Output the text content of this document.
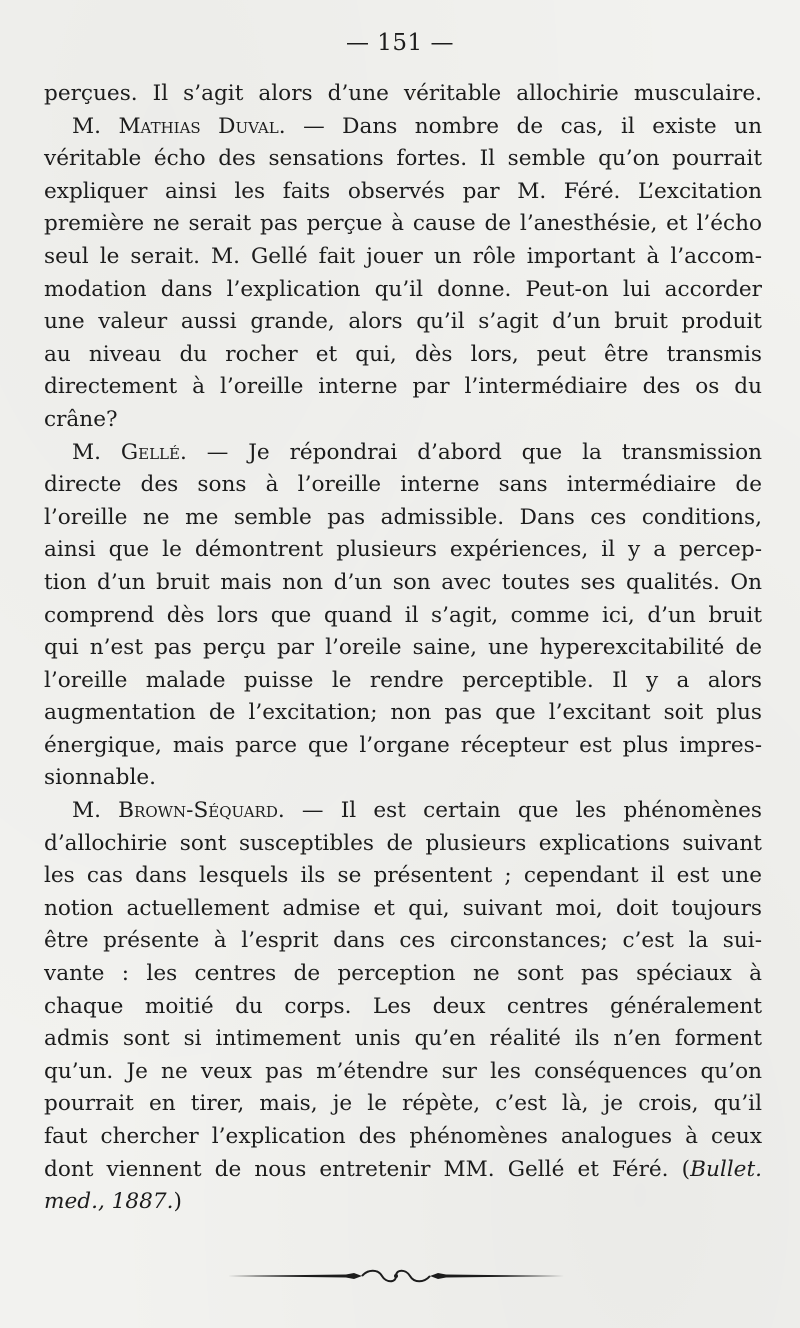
— 151 —

perçues. Il s’agit alors d’une véritable allochirie musculaire.

M. Mathias Duval. — Dans nombre de cas, il existe un
véritable écho des sensations fortes. Il semble qu’on pourrait
expliquer ainsi les faits observés par M. Féré. L’excitation
première ne serait pas perçue à cause de l’anesthésie, et l’écho
seul le serait. M. Gellé fait jouer un rôle important à l’accom-
modation dans l’explication qu’il donne. Peut-on lui accorder
une valeur aussi grande, alors qu’il s’agit d’un bruit produit
au niveau du rocher et qui, dès lors, peut être transmis
directement à l’oreille interne par l’intermédiaire des os du
crâne?

M. Gellé. — Je répondrai d’abord que la transmission
directe des sons à l’oreille interne sans intermédiaire de
l’oreille ne me semble pas admissible. Dans ces conditions,
ainsi que le démontrent plusieurs expériences, il y a percep-
tion d’un bruit mais non d’un son avec toutes ses qualités. On
comprend dès lors que quand il s’agit, comme ici, d’un bruit
qui n’est pas perçu par l’oreile saine, une hyperexcitabilité de
l’oreille malade puisse le rendre perceptible. Il y a alors
augmentation de l’excitation; non pas que l’excitant soit plus
énergique, mais parce que l’organe récepteur est plus impres-
sionnable.

M. Brown-Séquard. — Il est certain que les phénomènes
d’allochirie sont susceptibles de plusieurs explications suivant
les cas dans lesquels ils se présentent ; cependant il est une
notion actuellement admise et qui, suivant moi, doit toujours
être présente à l’esprit dans ces circonstances; c’est la sui-
vante : les centres de perception ne sont pas spéciaux à
chaque moitié du corps. Les deux centres généralement
admis sont si intimement unis qu’en réalité ils n’en forment
qu’un. Je ne veux pas m’étendre sur les conséquences qu’on
pourrait en tirer, mais, je le répète, c’est là, je crois, qu’il
faut chercher l’explication des phénomènes analogues à ceux
dont viennent de nous entretenir MM. Gellé et Féré. (Bullet.
med., 1887.)
